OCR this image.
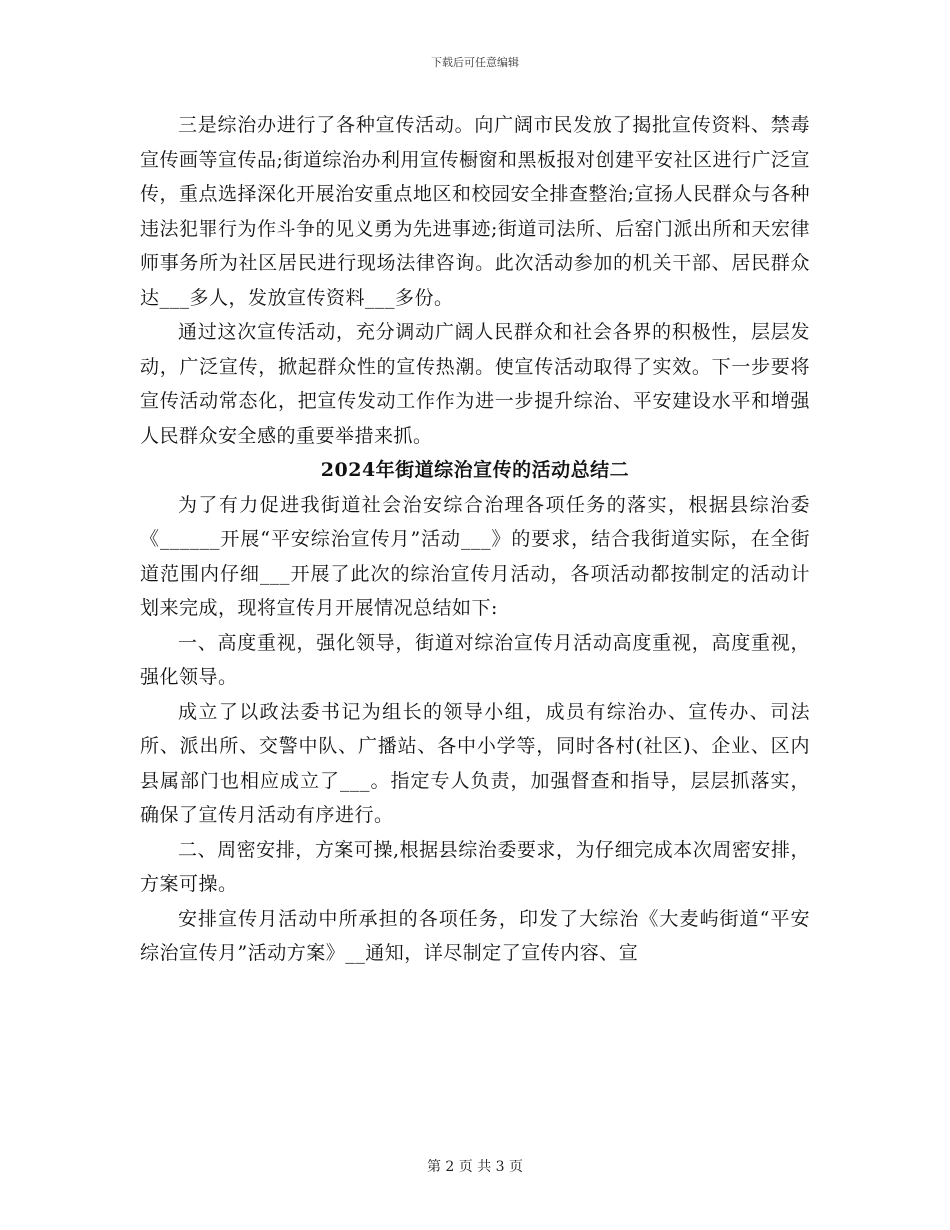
下载后可任意编辑

三是综治办进行了各种宣传活动。向广阔市民发放了揭批宣传资料、禁毒宣传画等宣传品;街道综治办利用宣传橱窗和黑板报对创建平安社区进行广泛宣传，重点选择深化开展治安重点地区和校园安全排查整治;宣扬人民群众与各种违法犯罪行为作斗争的见义勇为先进事迹;街道司法所、后窑门派出所和天宏律师事务所为社区居民进行现场法律咨询。此次活动参加的机关干部、居民群众达___多人，发放宣传资料___多份。

通过这次宣传活动，充分调动广阔人民群众和社会各界的积极性，层层发动，广泛宣传，掀起群众性的宣传热潮。使宣传活动取得了实效。下一步要将宣传活动常态化，把宣传发动工作作为进一步提升综治、平安建设水平和增强人民群众安全感的重要举措来抓。

2024年街道综治宣传的活动总结二

为了有力促进我街道社会治安综合治理各项任务的落实，根据县综治委《______开展“平安综治宣传月”活动___》的要求，结合我街道实际，在全街道范围内仔细___开展了此次的综治宣传月活动，各项活动都按制定的活动计划来完成，现将宣传月开展情况总结如下:

一、高度重视，强化领导，街道对综治宣传月活动高度重视，高度重视，强化领导。

成立了以政法委书记为组长的领导小组，成员有综治办、宣传办、司法所、派出所、交警中队、广播站、各中小学等，同时各村(社区)、企业、区内县属部门也相应成立了___。指定专人负责，加强督查和指导，层层抓落实，确保了宣传月活动有序进行。

二、周密安排，方案可操,根据县综治委要求，为仔细完成本次周密安排，方案可操。

安排宣传月活动中所承担的各项任务，印发了大综治《大麦屿街道“平安综治宣传月”活动方案》__通知，详尽制定了宣传内容、宣

第 2 页 共 3 页
